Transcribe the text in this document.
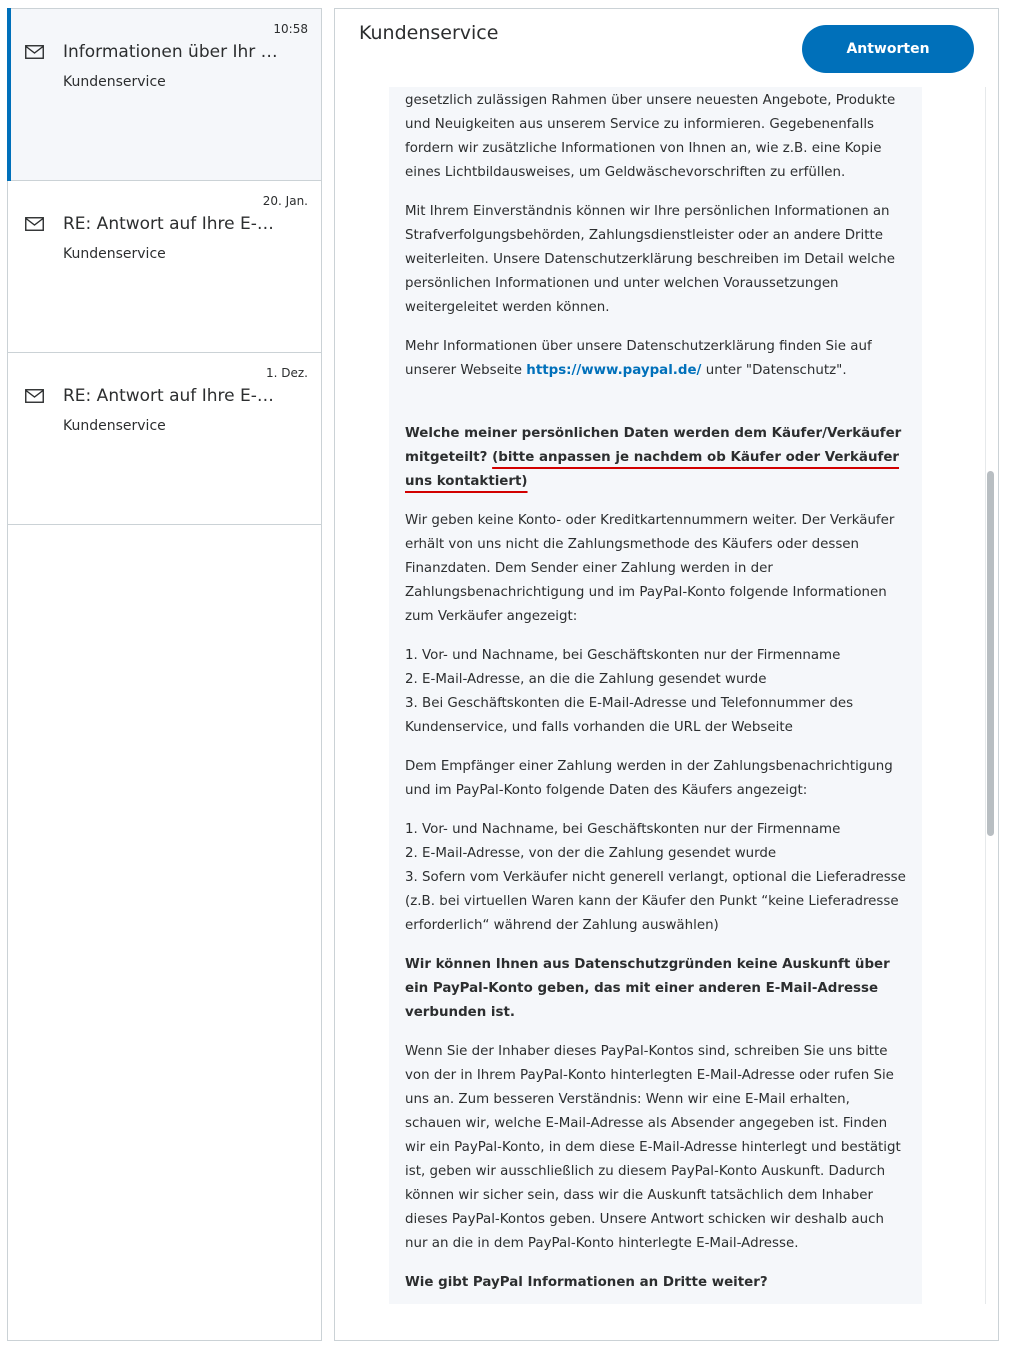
10:58
Informationen über Ihr …
Kundenservice
20. Jan.
RE: Antwort auf Ihre E-…
Kundenservice
1. Dez.
RE: Antwort auf Ihre E-…
Kundenservice
Kundenservice
Antworten

gesetzlich zulässigen Rahmen über unsere neuesten Angebote, Produkte und Neuigkeiten aus unserem Service zu informieren. Gegebenenfalls fordern wir zusätzliche Informationen von Ihnen an, wie z.B. eine Kopie eines Lichtbildausweises, um Geldwäschevorschriften zu erfüllen.

Mit Ihrem Einverständnis können wir Ihre persönlichen Informationen an Strafverfolgungsbehörden, Zahlungsdienstleister oder an andere Dritte weiterleiten. Unsere Datenschutzerklärung beschreiben im Detail welche persönlichen Informationen und unter welchen Voraussetzungen weitergeleitet werden können.

Mehr Informationen über unsere Datenschutzerklärung finden Sie auf unserer Webseite https://www.paypal.de/ unter "Datenschutz".

Welche meiner persönlichen Daten werden dem Käufer/Verkäufer mitgeteilt? (bitte anpassen je nachdem ob Käufer oder Verkäufer uns kontaktiert)

Wir geben keine Konto- oder Kreditkartennummern weiter. Der Verkäufer erhält von uns nicht die Zahlungsmethode des Käufers oder dessen Finanzdaten. Dem Sender einer Zahlung werden in der Zahlungsbenachrichtigung und im PayPal-Konto folgende Informationen zum Verkäufer angezeigt:

1. Vor- und Nachname, bei Geschäftskonten nur der Firmenname
2. E-Mail-Adresse, an die die Zahlung gesendet wurde
3. Bei Geschäftskonten die E-Mail-Adresse und Telefonnummer des Kundenservice, und falls vorhanden die URL der Webseite

Dem Empfänger einer Zahlung werden in der Zahlungsbenachrichtigung und im PayPal-Konto folgende Daten des Käufers angezeigt:

1. Vor- und Nachname, bei Geschäftskonten nur der Firmenname
2. E-Mail-Adresse, von der die Zahlung gesendet wurde
3. Sofern vom Verkäufer nicht generell verlangt, optional die Lieferadresse (z.B. bei virtuellen Waren kann der Käufer den Punkt “keine Lieferadresse erforderlich“ während der Zahlung auswählen)

Wir können Ihnen aus Datenschutzgründen keine Auskunft über ein PayPal-Konto geben, das mit einer anderen E-Mail-Adresse verbunden ist.

Wenn Sie der Inhaber dieses PayPal-Kontos sind, schreiben Sie uns bitte von der in Ihrem PayPal-Konto hinterlegten E-Mail-Adresse oder rufen Sie uns an. Zum besseren Verständnis: Wenn wir eine E-Mail erhalten, schauen wir, welche E-Mail-Adresse als Absender angegeben ist. Finden wir ein PayPal-Konto, in dem diese E-Mail-Adresse hinterlegt und bestätigt ist, geben wir ausschließlich zu diesem PayPal-Konto Auskunft. Dadurch können wir sicher sein, dass wir die Auskunft tatsächlich dem Inhaber dieses PayPal-Kontos geben. Unsere Antwort schicken wir deshalb auch nur an die in dem PayPal-Konto hinterlegte E-Mail-Adresse.

Wie gibt PayPal Informationen an Dritte weiter?
